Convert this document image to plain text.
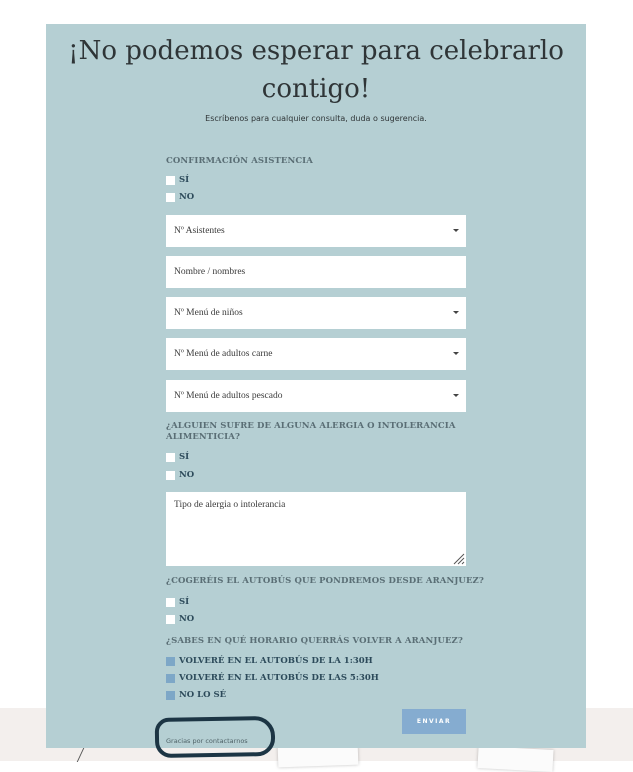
¡No podemos esperar para celebrarlo
contigo!
Escríbenos para cualquier consulta, duda o sugerencia.
CONFIRMACIÓN ASISTENCIA
SÍ
NO
Nº Asistentes
Nombre / nombres
Nº Menú de niños
Nº Menú de adultos carne
Nº Menú de adultos pescado
¿ALGUIEN SUFRE DE ALGUNA ALERGIA O INTOLERANCIA ALIMENTICIA?
SÍ
NO
Tipo de alergia o intolerancia
¿COGERÉIS EL AUTOBÚS QUE PONDREMOS DESDE ARANJUEZ?
SÍ
NO
¿SABES EN QUÉ HORARIO QUERRÁS VOLVER A ARANJUEZ?
VOLVERÉ EN EL AUTOBÚS DE LA 1:30H
VOLVERÉ EN EL AUTOBÚS DE LAS 5:30H
NO LO SÉ
ENVIAR
Gracias por contactarnos
